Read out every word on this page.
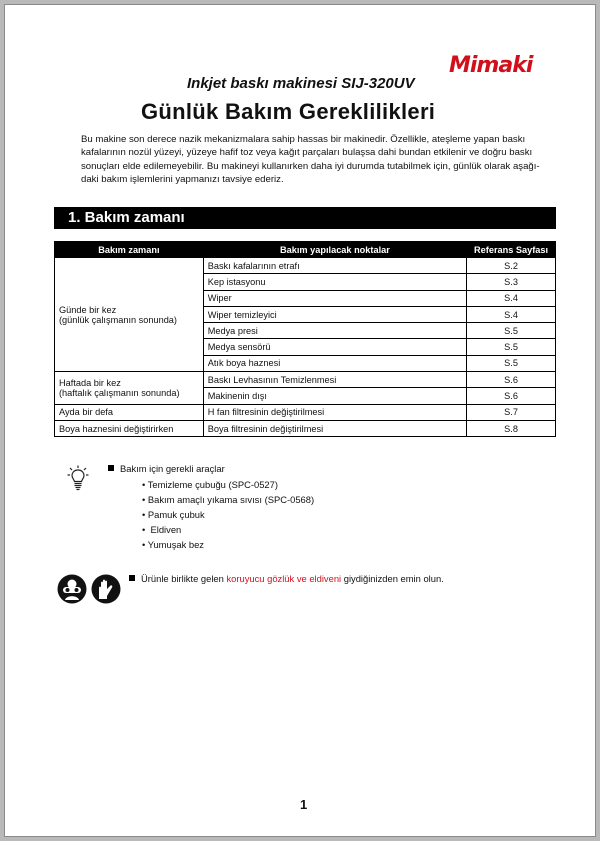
Mimaki
Inkjet baskı makinesi SIJ-320UV
Günlük Bakım Gereklilikleri
Bu makine son derece nazik mekanizmalara sahip hassas bir makinedir. Özellikle, ateşleme yapan baskı
kafalarının nozül yüzeyi, yüzeye hafif toz veya kağıt parçaları bulaşsa dahi bundan etkilenir ve doğru baskı
sonuçları elde edilemeyebilir. Bu makineyi kullanırken daha iyi durumda tutabilmek için, günlük olarak aşağı-
daki bakım işlemlerini yapmanızı tavsiye ederiz.
1. Bakım zamanı
Bakım zamanı	Bakım yapılacak noktalar	Referans Sayfası

Günde bir kez
(günlük çalışmanın sonunda)	Baskı kafalarının etrafı	S.2
	Kep istasyonu	S.3
	Wiper	S.4
	Wiper temizleyici	S.4
	Medya presi	S.5
	Medya sensörü	S.5
	Atık boya haznesi	S.5

Haftada bir kez
(haftalık çalışmanın sonunda)	Baskı Levhasının Temizlenmesi	S.6
	Makinenin dışı	S.6
Ayda bir defa	H fan filtresinin değiştirilmesi	S.7
Boya haznesini değiştirirken	Boya filtresinin değiştirilmesi	S.8
Bakım için gerekli araçlar
• Temizleme çubuğu (SPC-0527)
• Bakım amaçlı yıkama sıvısı (SPC-0568)
• Pamuk çubuk
•  Eldiven
• Yumuşak bez
Ürünle birlikte gelen koruyucu gözlük ve eldiveni giydiğinizden emin olun.
1
